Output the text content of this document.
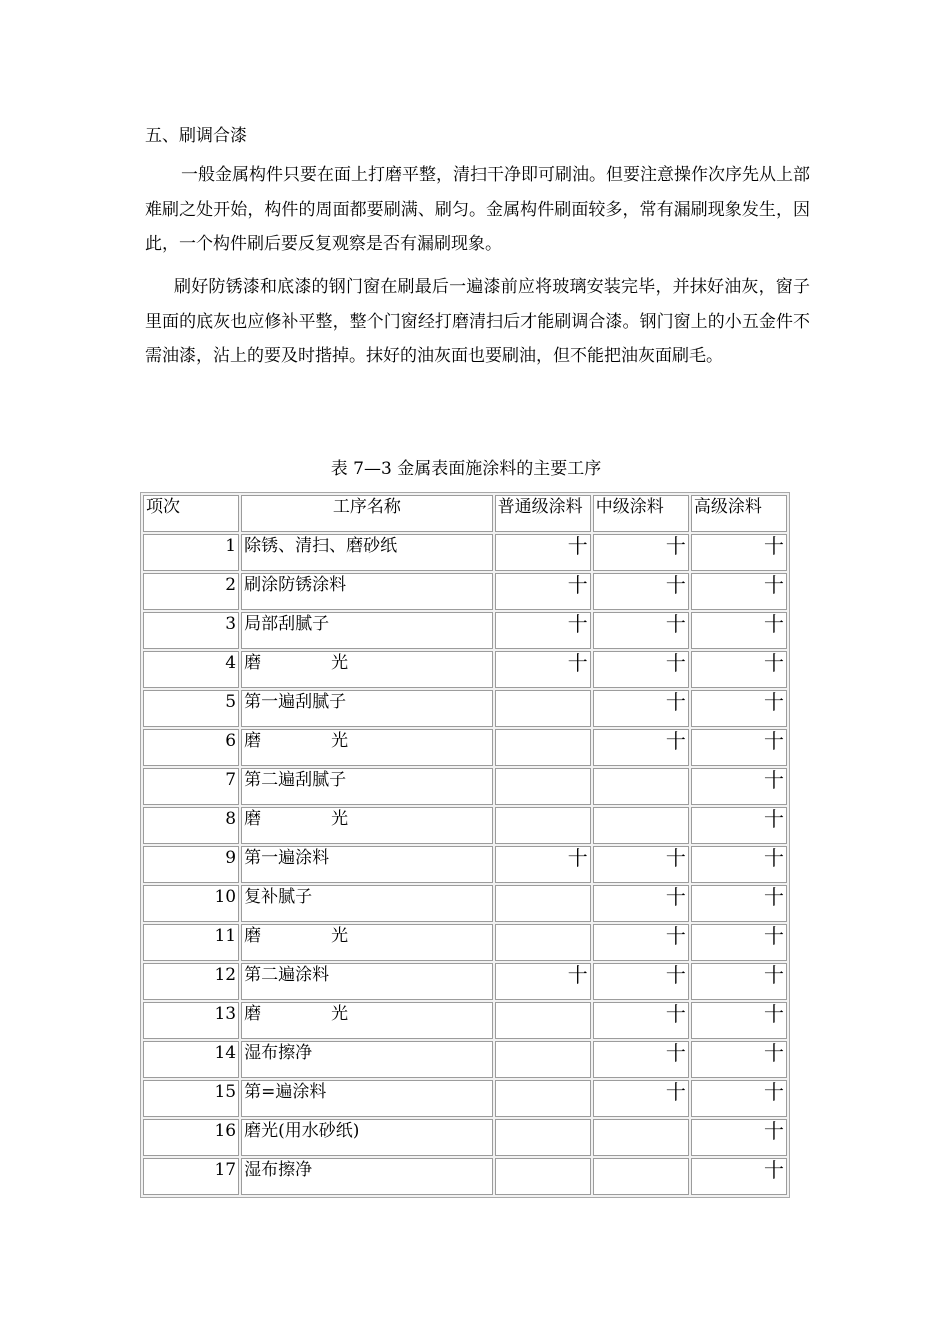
五、刷调合漆

一般金属构件只要在面上打磨平整，清扫干净即可刷油。但要注意操作次序先从上部难刷之处开始，构件的周面都要刷满、刷匀。金属构件刷面较多，常有漏刷现象发生，因此，一个构件刷后要反复观察是否有漏刷现象。

刷好防锈漆和底漆的钢门窗在刷最后一遍漆前应将玻璃安装完毕，并抹好油灰，窗子里面的底灰也应修补平整，整个门窗经打磨清扫后才能刷调合漆。钢门窗上的小五金件不需油漆，沾上的要及时揩掉。抹好的油灰面也要刷油，但不能把油灰面刷毛。

表 7—3 金属表面施涂料的主要工序
项次	工序名称	普通级涂料	中级涂料	高级涂料
1	除锈、清扫、磨砂纸	十	十	十
2	刷涂防锈涂料	十	十	十
3	局部刮腻子	十	十	十
4	磨 光	十	十	十
5	第一遍刮腻子		十	十
6	磨 光		十	十
7	第二遍刮腻子			十
8	磨 光			十
9	第一遍涂料	十	十	十
10	复补腻子		十	十
11	磨 光		十	十
12	第二遍涂料	十	十	十
13	磨 光		十	十
14	湿布擦净		十	十
15	第=遍涂料		十	十
16	磨光(用水砂纸)			十
17	湿布擦净			十
